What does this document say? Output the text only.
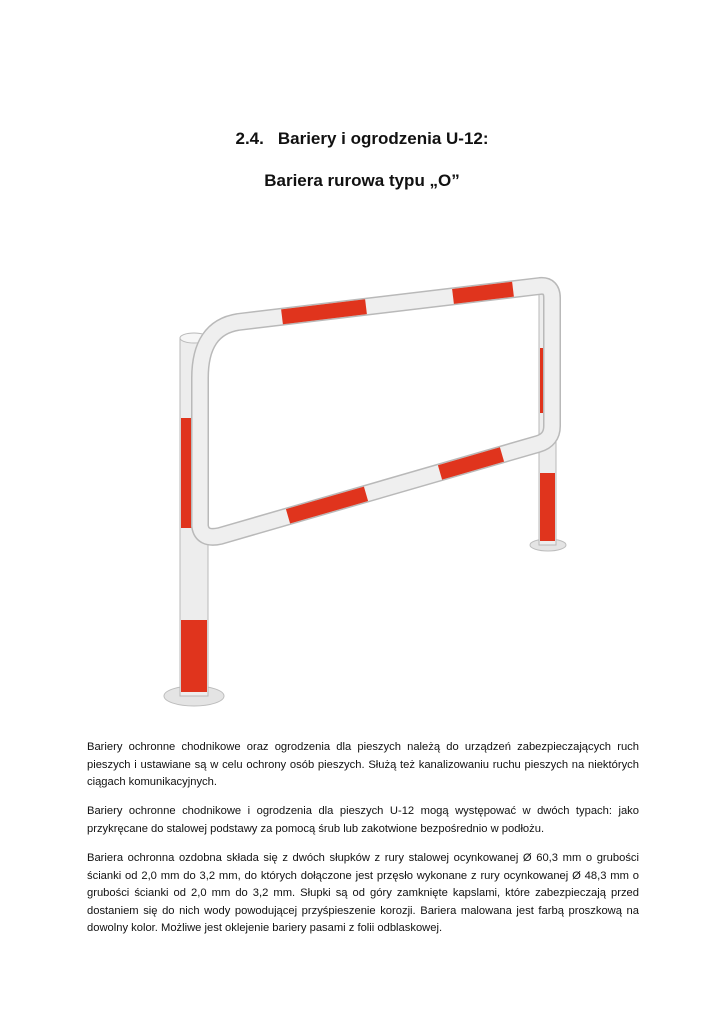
2.4. Bariery i ogrodzenia U-12:
Bariera rurowa typu „O”

Bariery ochronne chodnikowe oraz ogrodzenia dla pieszych należą do urządzeń zabezpieczających ruch pieszych i ustawiane są w celu ochrony osób pieszych. Służą też kanalizowaniu ruchu pieszych na niektórych ciągach komunikacyjnych.

Bariery ochronne chodnikowe i ogrodzenia dla pieszych U-12 mogą występować w dwóch typach: jako przykręcane do stalowej podstawy za pomocą śrub lub zakotwione bezpośrednio w podłożu.

Bariera ochronna ozdobna składa się z dwóch słupków z rury stalowej ocynkowanej Ø 60,3 mm o grubości ścianki od 2,0 mm do 3,2 mm, do których dołączone jest przęsło wykonane z rury ocynkowanej Ø 48,3 mm o grubości ścianki od 2,0 mm do 3,2 mm. Słupki są od góry zamknięte kapslami, które zabezpieczają przed dostaniem się do nich wody powodującej przyśpieszenie korozji. Bariera malowana jest farbą proszkową na dowolny kolor. Możliwe jest oklejenie bariery pasami z folii odblaskowej.
